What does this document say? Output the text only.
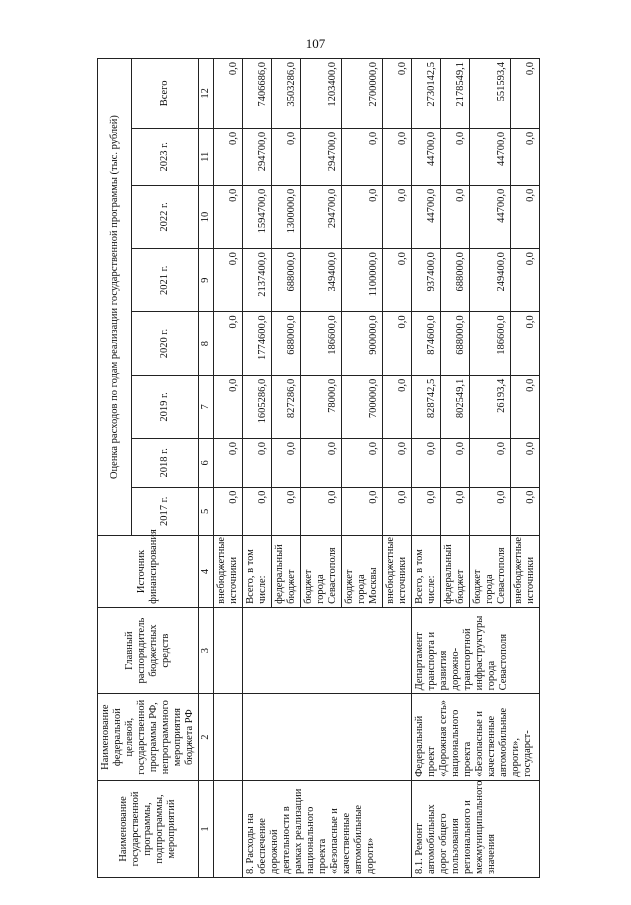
107
Наименование государственной программы, подпрограммы, мероприятий	Наименование федеральной целевой, государственной программы РФ, непрограммного мероприятия бюджета РФ	Главный распорядитель бюджетных средств	Источник финансирования	Оценка расходов по годам реализации государственной программы (тыс. рублей)							
				2017 г.	2018 г.	2019 г.	2020 г.	2021 г.	2022 г.	2023 г.	Всего
1	2	3	4	5	6	7	8	9	10	11	12
			внебюджетные источники	0,0	0,0	0,0	0,0	0,0	0,0	0,0	0,0
8. Расходы на обеспечение дорожной деятельности в рамках реализации национального проекта «Безопасные и качественные автомобильные дороги»			Всего, в том числе:	0,0	0,0	1605286,0	1774600,0	2137400,0	1594700,0	294700,0	7406686,0
			федеральный бюджет	0,0	0,0	827286,0	688000,0	688000,0	1300000,0	0,0	3503286,0
			бюджет города Севастополя	0,0	0,0	78000,0	186600,0	349400,0	294700,0	294700,0	1203400,0
			бюджет города Москвы	0,0	0,0	700000,0	900000,0	1100000,0	0,0	0,0	2700000,0
			внебюджетные источники	0,0	0,0	0,0	0,0	0,0	0,0	0,0	0,0
8.1. Ремонт автомобильных дорог общего пользования регионального и межмуниципального значения	Федеральный проект «Дорожная сеть» национального проекта «Безопасные и качественные автомобильные дороги», государст-	Департамент транспорта и развития дорожно-транспортной инфраструктуры города Севастополя	Всего, в том числе:	0,0	0,0	828742,5	874600,0	937400,0	44700,0	44700,0	2730142,5
			федеральный бюджет	0,0	0,0	802549,1	688000,0	688000,0	0,0	0,0	2178549,1
			бюджет города Севастополя	0,0	0,0	26193,4	186600,0	249400,0	44700,0	44700,0	551593,4
			внебюджетные источники	0,0	0,0	0,0	0,0	0,0	0,0	0,0	0,0
